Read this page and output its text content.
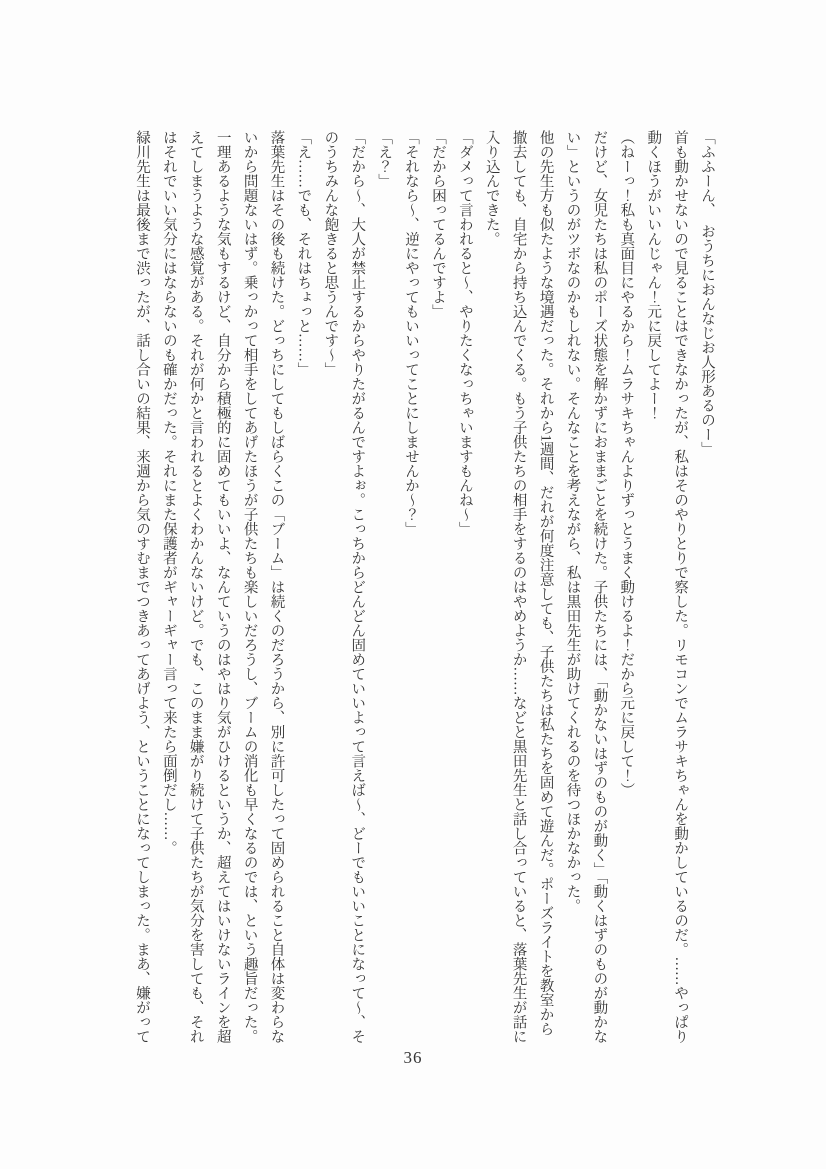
「ふふーん、　おうちにおんなじお人形あるのー」

首も動かせないので見ることはできなかったが、私はそのやりとりで察した。リモコンでムラサキちゃんを動かしているのだ。……やっぱり動くほうがいいんじゃん！元に戻してよー！

（ねーっ！私も真面目にやるから！ムラサキちゃんよりずっとうまく動けるよ！だから元に戻して！）

だけど、女児たちは私のポーズ状態を解かずにおままごとを続けた。子供たちには、「動かないはずのものが動く」「動くはずのものが動かない」というのがツボなのかもしれない。そんなことを考えながら、私は黒田先生が助けてくれるのを待つほかなかった。

他の先生方も似たような境遇だった。それから1週間、だれが何度注意しても、子供たちは私たちを固めて遊んだ。ポーズライトを教室から撤去しても、自宅から持ち込んでくる。もう子供たちの相手をするのはやめようか……などと黒田先生と話し合っていると、落葉先生が話に入り込んできた。

「ダメって言われると～、やりたくなっちゃいますもんね～」

「だから困ってるんですよ」

「それなら～、逆にやってもいいってことにしませんか～？」

「え？」

「だから～、大人が禁止するからやりたがるんですよぉ。こっちからどんどん固めていいよって言えば～、どーでもいいことになって～、そのうちみんな飽きると思うんです～」

「え……でも、それはちょっと……」

落葉先生はその後も続けた。どっちにしてもしばらくこの「ブーム」は続くのだろうから、別に許可したって固められること自体は変わらないから問題ないはず。乗っかって相手をしてあげたほうが子供たちも楽しいだろうし、ブームの消化も早くなるのでは、という趣旨だった。

一理あるような気もするけど、自分から積極的に固めてもいいよ、なんていうのはやはり気がひけるというか、超えてはいけないラインを超えてしまうような感覚がある。それが何かと言われるとよくわかんないけど。でも、このまま嫌がり続けて子供たちが気分を害しても、それはそれでいい気分にはならないのも確かだった。それにまた保護者がギャーギャー言って来たら面倒だし……。

緑川先生は最後まで渋ったが、話し合いの結果、来週から気のすむまでつきあってあげよう、ということになってしまった。まあ、嫌がって

36
